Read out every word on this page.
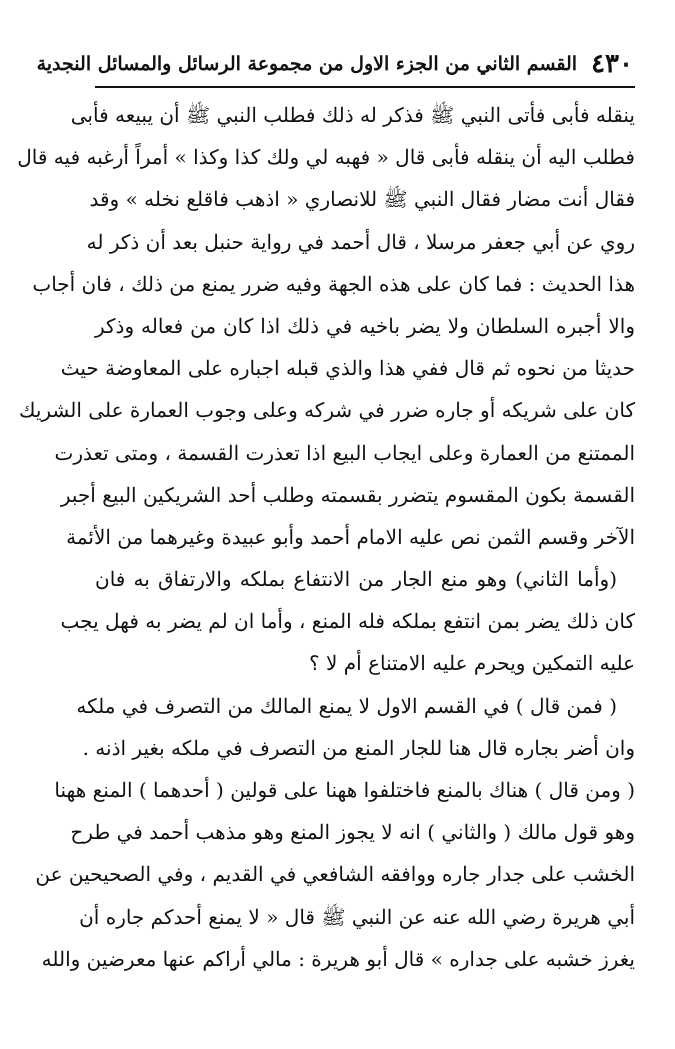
٤٣٠
القسم الثاني من الجزء الاول من مجموعة الرسائل والمسائل النجدية
ينقله فأبى فأتى النبي ﷺ فذكر له ذلك فطلب النبي ﷺ أن يبيعه فأبى
فطلب اليه أن ينقله فأبى قال « فهبه لي ولك كذا وكذا » أمراً أرغبه فيه قال
فقال أنت مضار فقال النبي ﷺ للانصاري « اذهب فاقلع نخله » وقد
روي عن أبي جعفر مرسلا ، قال أحمد في رواية حنبل بعد أن ذكر له
هذا الحديث : فما كان على هذه الجهة وفيه ضرر يمنع من ذلك ، فان أجاب
والا أجبره السلطان ولا يضر باخيه في ذلك اذا كان من فعاله وذكر
حديثا من نحوه ثم قال ففي هذا والذي قبله اجباره على المعاوضة حيث
كان على شريكه أو جاره ضرر في شركه وعلى وجوب العمارة على الشريك
الممتنع من العمارة وعلى ايجاب البيع اذا تعذرت القسمة ، ومتى تعذرت
القسمة بكون المقسوم يتضرر بقسمته وطلب أحد الشريكين البيع أجبر
الآخر وقسم الثمن نص عليه الامام أحمد وأبو عبيدة وغيرهما من الأئمة
(وأما الثاني) وهو منع الجار من الانتفاع بملكه والارتفاق به فان
كان ذلك يضر بمن انتفع بملكه فله المنع ، وأما ان لم يضر به فهل يجب
عليه التمكين ويحرم عليه الامتناع أم لا ؟
( فمن قال ) في القسم الاول لا يمنع المالك من التصرف في ملكه
وان أضر بجاره قال هنا للجار المنع من التصرف في ملكه بغير اذنه .
( ومن قال ) هناك بالمنع فاختلفوا ههنا على قولين ( أحدهما ) المنع ههنا
وهو قول مالك ( والثاني ) انه لا يجوز المنع وهو مذهب أحمد في طرح
الخشب على جدار جاره ووافقه الشافعي في القديم ، وفي الصحيحين عن
أبي هريرة رضي الله عنه عن النبي ﷺ قال « لا يمنع أحدكم جاره أن
يغرز خشبه على جداره » قال أبو هريرة : مالي أراكم عنها معرضين والله
